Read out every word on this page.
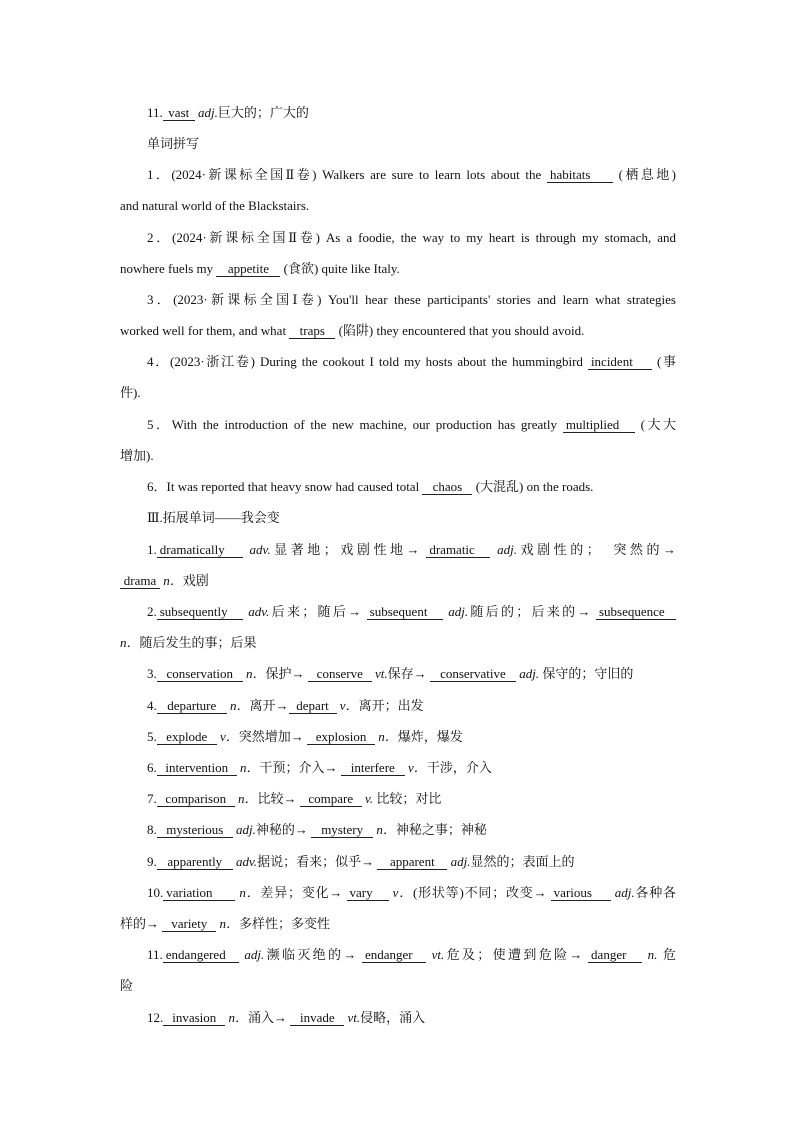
11. vast adj.巨大的；广大的
单词拼写
1．(2024·新课标全国Ⅱ卷) Walkers are sure to learn lots about the habitats (栖息地)
and natural world of the Blackstairs.
2．(2024·新课标全国Ⅱ卷) As a foodie, the way to my heart is through my stomach, and
nowhere fuels my appetite (食欲) quite like Italy.
3．(2023·新课标全国Ⅰ卷) You'll hear these participants' stories and learn what strategies
worked well for them, and what traps (陷阱) they encountered that you should avoid.
4．(2023·浙江卷) During the cookout I told my hosts about the hummingbird incident (事
件).
5．With the introduction of the new machine, our production has greatly multiplied (大大
增加).
6．It was reported that heavy snow had caused total chaos (大混乱) on the roads.
Ⅲ.拓展单词——我会变
1. dramatically adv.显著地；戏剧性地→ dramatic adj.戏剧性的；　突然的→
drama n．戏剧
2. subsequently adv.后来；随后→ subsequent adj.随后的；后来的→ subsequence
n．随后发生的事；后果
3. conservation n．保护→ conserve vt.保存→ conservative adj. 保守的；守旧的
4. departure n．离开→ depart v．离开；出发
5. explode v．突然增加→ explosion n．爆炸，爆发
6. intervention n．干预；介入→ interfere v．干涉，介入
7. comparison n．比较→ compare v. 比较；对比
8. mysterious adj.神秘的→ mystery n．神秘之事；神秘
9. apparently adv.据说；看来；似乎→ apparent adj.显然的；表面上的
10. variation n．差异；变化→ vary v．(形状等)不同；改变→ various adj.各种各
样的→ variety n．多样性；多变性
11. endangered adj.濒临灭绝的→ endanger vt.危及；使遭到危险→ danger n. 危
险
12. invasion n．涌入→ invade vt.侵略，涌入
